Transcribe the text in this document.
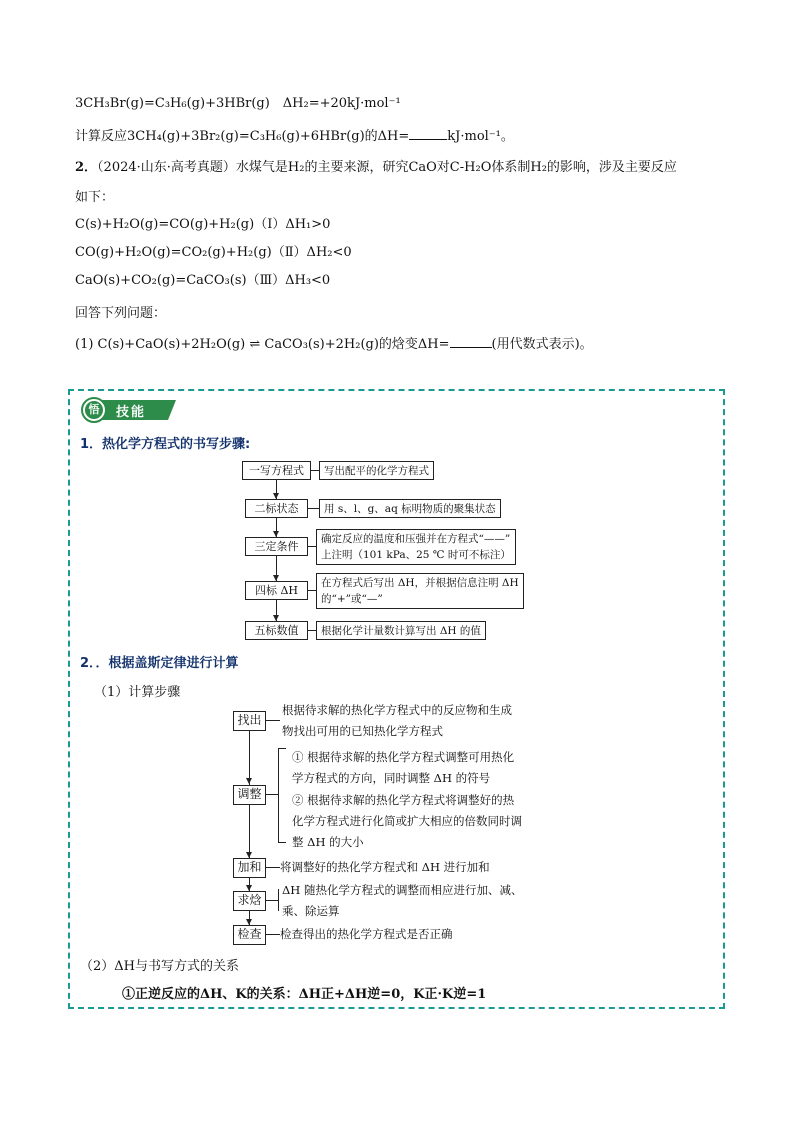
3CH₃Br(g)=C₃H₆(g)+3HBr(g)　ΔH₂=+20kJ·mol⁻¹
计算反应3CH₄(g)+3Br₂(g)=C₃H₆(g)+6HBr(g)的ΔH=	kJ·mol⁻¹。
2．（2024·山东·高考真题）水煤气是H₂的主要来源，研究CaO对C-H₂O体系制H₂的影响，涉及主要反应
如下：
C(s)+H₂O(g)=CO(g)+H₂(g)（Ⅰ）ΔH₁>0
CO(g)+H₂O(g)=CO₂(g)+H₂(g)（Ⅱ）ΔH₂<0
CaO(s)+CO₂(g)=CaCO₃(s)（Ⅲ）ΔH₃<0
回答下列问题：
(1) C(s)+CaO(s)+2H₂O(g) ⇌ CaCO₃(s)+2H₂(g)的焓变ΔH=	(用代数式表示)。
悟	技能
1．热化学方程式的书写步骤:
一写方程式	写出配平的化学方程式
二标状态	用 s、l、g、aq 标明物质的聚集状态
三定条件
确定反应的温度和压强并在方程式“——”
上注明（101 kPa、25 ℃ 时可不标注）
四标 ΔH
在方程式后写出 ΔH，并根据信息注明 ΔH
的“+”或“—”
五标数值	根据化学计量数计算写出 ΔH 的值
2．．根据盖斯定律进行计算
（1）计算步骤
找出
根据待求解的热化学方程式中的反应物和生成
物找出可用的已知热化学方程式
调整
① 根据待求解的热化学方程式调整可用热化
学方程式的方向，同时调整 ΔH 的符号
② 根据待求解的热化学方程式将调整好的热
化学方程式进行化简或扩大相应的倍数同时调
整 ΔH 的大小
加和	将调整好的热化学方程式和 ΔH 进行加和
求焓
ΔH 随热化学方程式的调整而相应进行加、减、
乘、除运算
检查	检查得出的热化学方程式是否正确
（2）ΔH与书写方式的关系
①正逆反应的ΔH、K的关系：ΔH正+ΔH逆=0，K正·K逆=1
